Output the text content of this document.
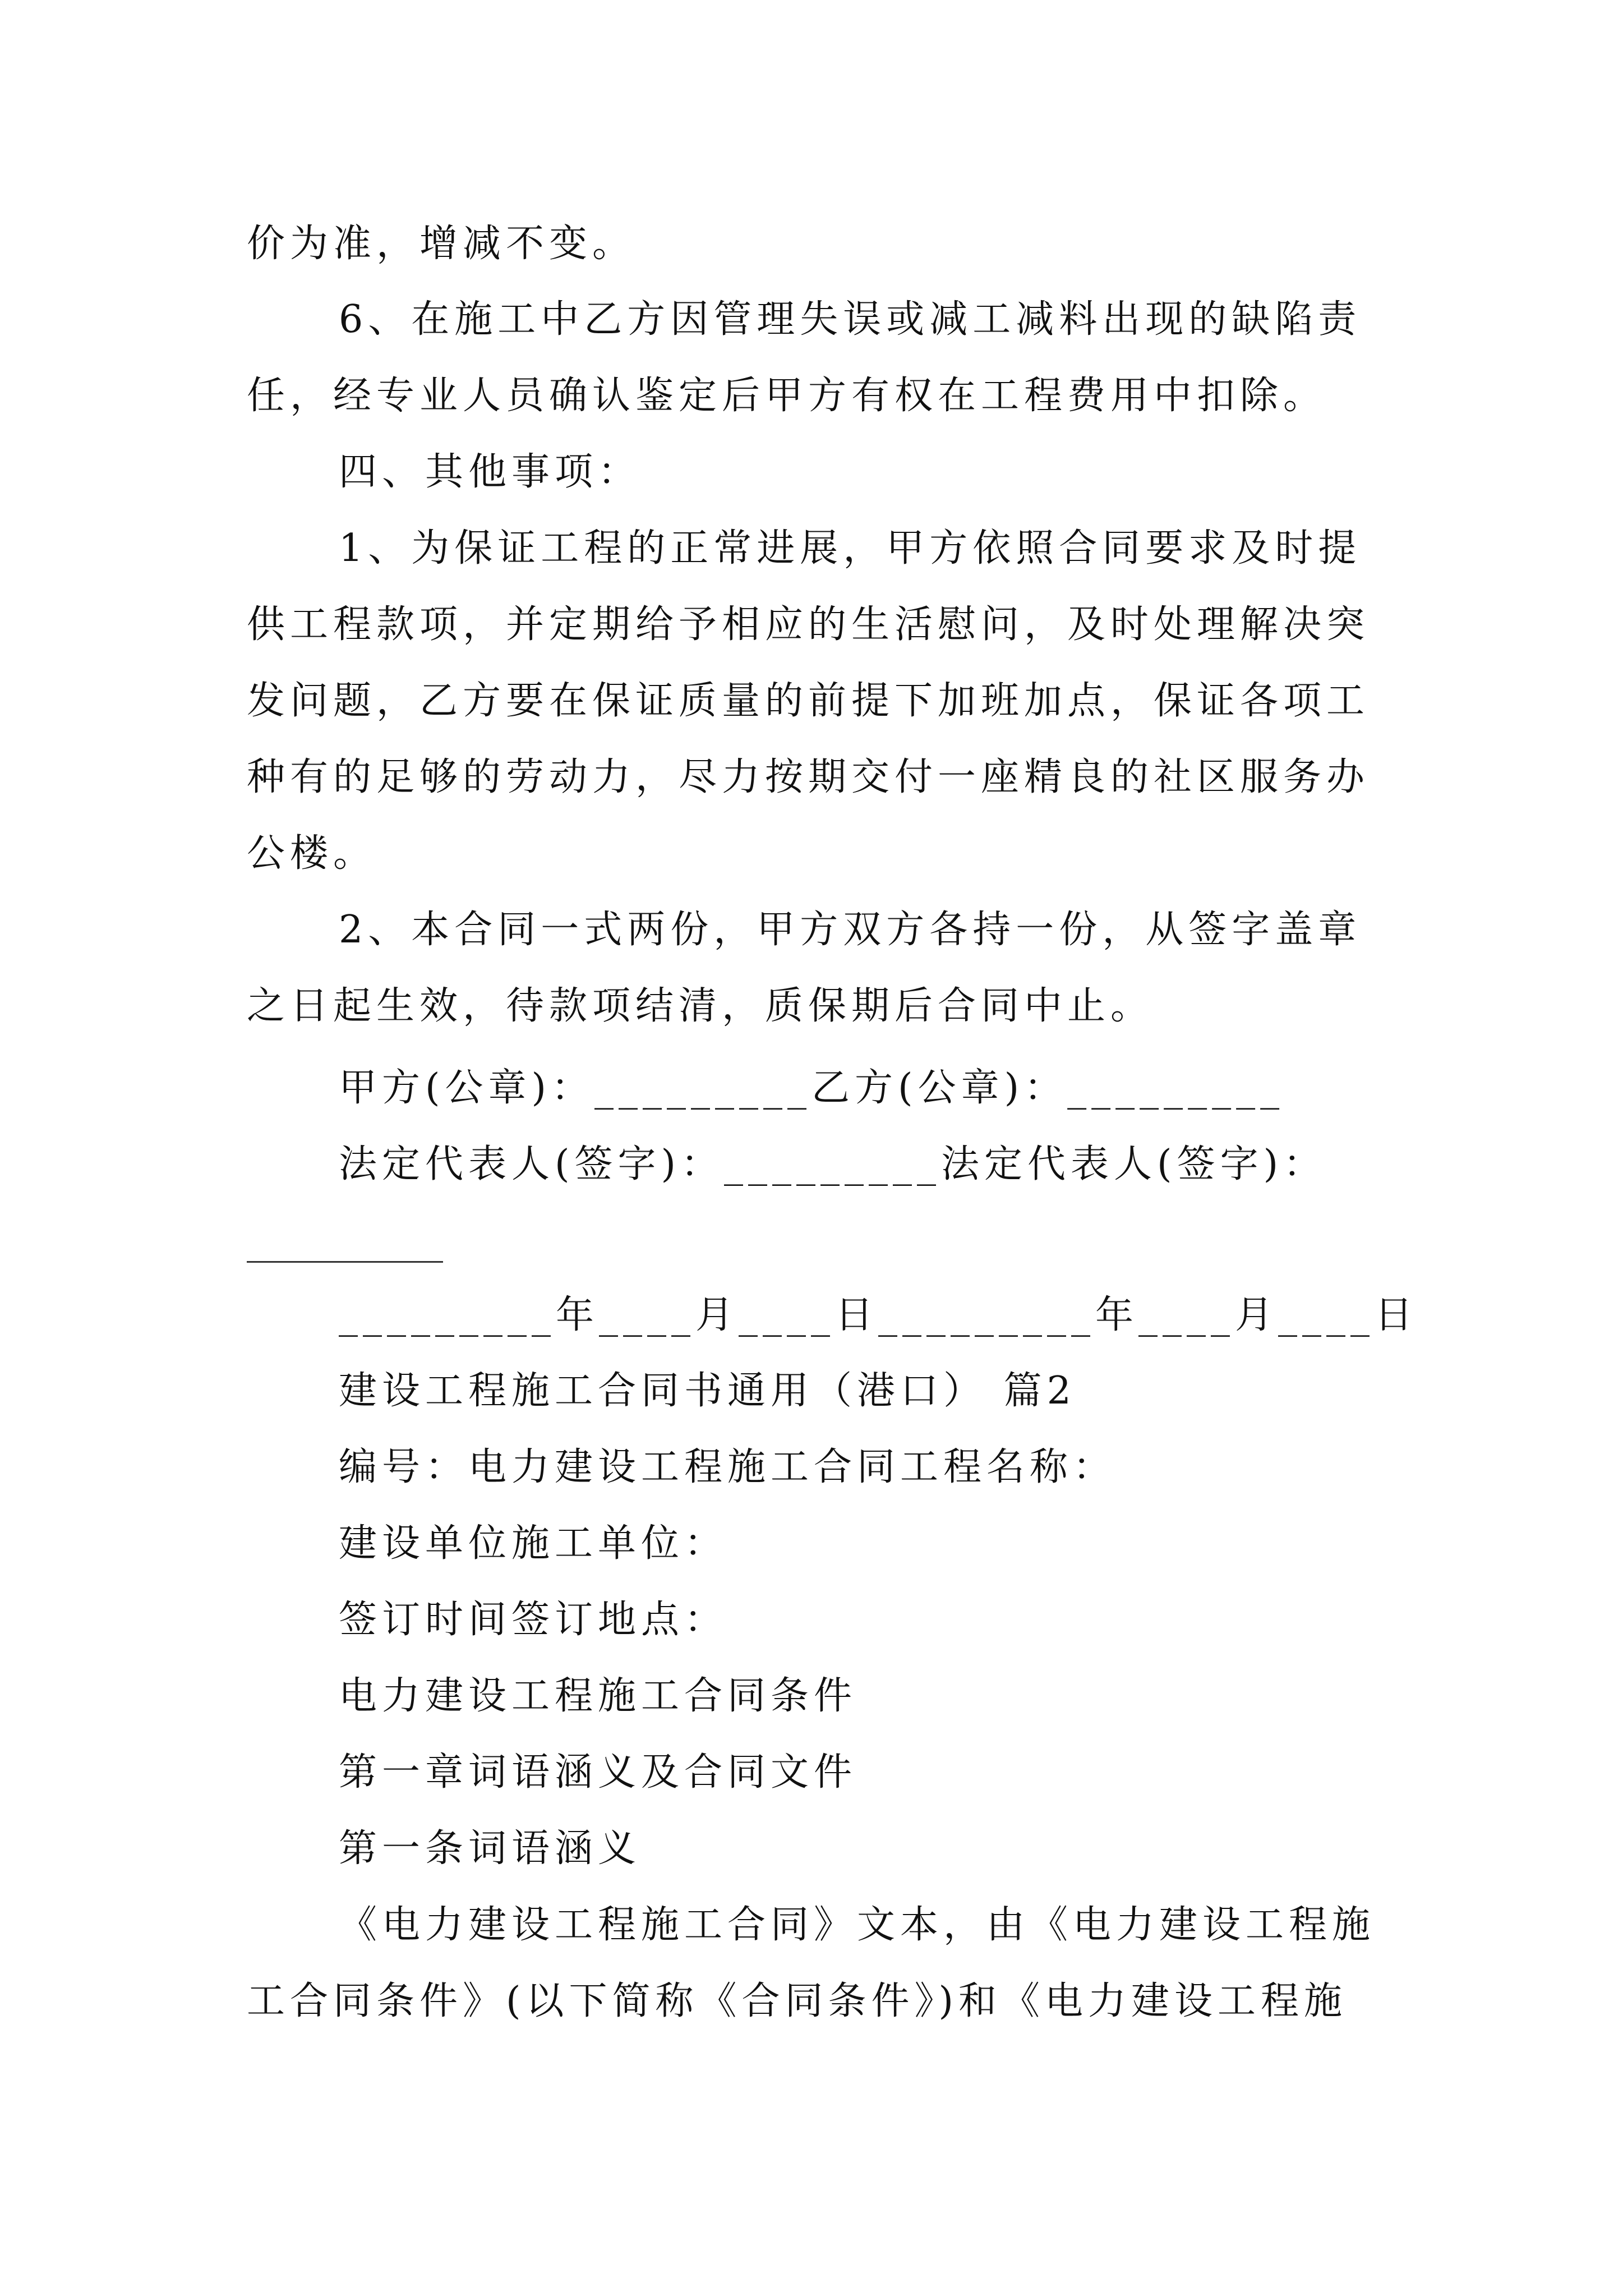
价为准，增减不变。
6、在施工中乙方因管理失误或减工减料出现的缺陷责
任，经专业人员确认鉴定后甲方有权在工程费用中扣除。
四、其他事项：
1、为保证工程的正常进展，甲方依照合同要求及时提
供工程款项，并定期给予相应的生活慰问，及时处理解决突
发问题，乙方要在保证质量的前提下加班加点，保证各项工
种有的足够的劳动力，尽力按期交付一座精良的社区服务办
公楼。
2、本合同一式两份，甲方双方各持一份，从签字盖章
之日起生效，待款项结清，质保期后合同中止。
甲方(公章)：_________乙方(公章)：_________
法定代表人(签字)：_________法定代表人(签字)：
_________年____月____日_________年____月____日
建设工程施工合同书通用（港口） 篇2
编号：电力建设工程施工合同工程名称：
建设单位施工单位：
签订时间签订地点：
电力建设工程施工合同条件
第一章词语涵义及合同文件
第一条词语涵义
《电力建设工程施工合同》文本，由《电力建设工程施
工合同条件》(以下简称《合同条件》)和《电力建设工程施
